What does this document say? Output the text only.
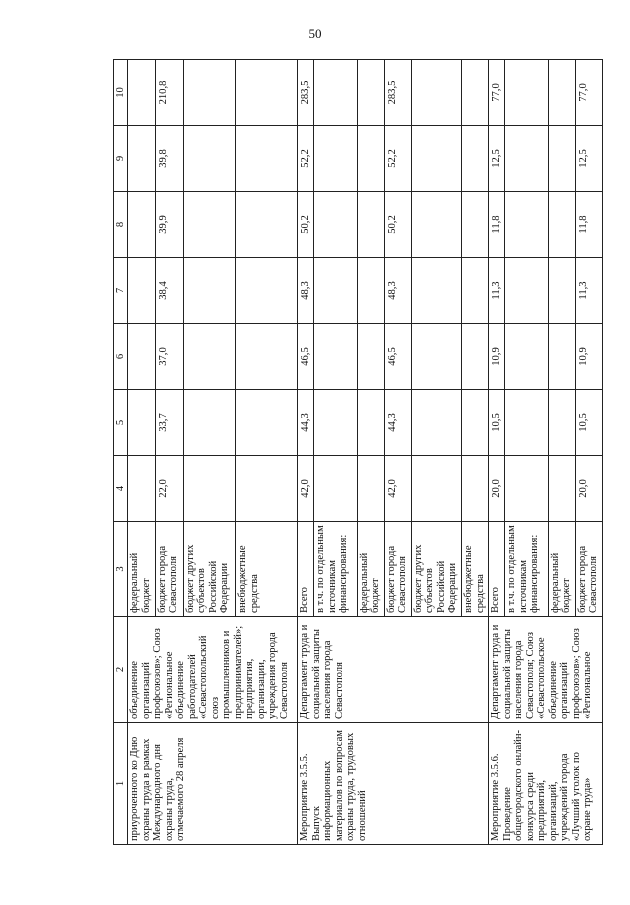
50
1	2	3	4	5	6	7	8	9	10
приуроченного ко Дню охраны труда в рамках Международного дня охраны труда, отмечаемого 28 апреля	объединение организаций профсоюзов»; Союз «Региональное объединение работодателей «Севастопольский союз промышленников и предпринимателей»; предприятия, организации, учреждения города Севастополя	федеральный бюджет							
		бюджет города Севастополя	22,0	33,7	37,0	38,4	39,9	39,8	210,8
		бюджет других субъектов Российской Федерации							
		внебюджетные средства							
Мероприятие 3.5.5. Выпуск информационных материалов по вопросам охраны труда, трудовых отношений	Департамент труда и социальной защиты населения города Севастополя	Всего	42,0	44,3	46,5	48,3	50,2	52,2	283,5
		в т.ч. по отдельным источникам финансирования:							
		федеральный бюджет							
		бюджет города Севастополя	42,0	44,3	46,5	48,3	50,2	52,2	283,5
		бюджет других субъектов Российской Федерации							
		внебюджетные средства							
Мероприятие 3.5.6. Проведение общегородского онлайн-конкурса среди предприятий, организаций, учреждений города «Лучший уголок по охране труда»	Департамент труда и социальной защиты населения города Севастополя; Союз «Севастопольское объединение организаций профсоюзов»; Союз «Региональное	Всего	20,0	10,5	10,9	11,3	11,8	12,5	77,0
		в т.ч. по отдельным источникам финансирования:							
		федеральный бюджет							
		бюджет города Севастополя	20,0	10,5	10,9	11,3	11,8	12,5	77,0
